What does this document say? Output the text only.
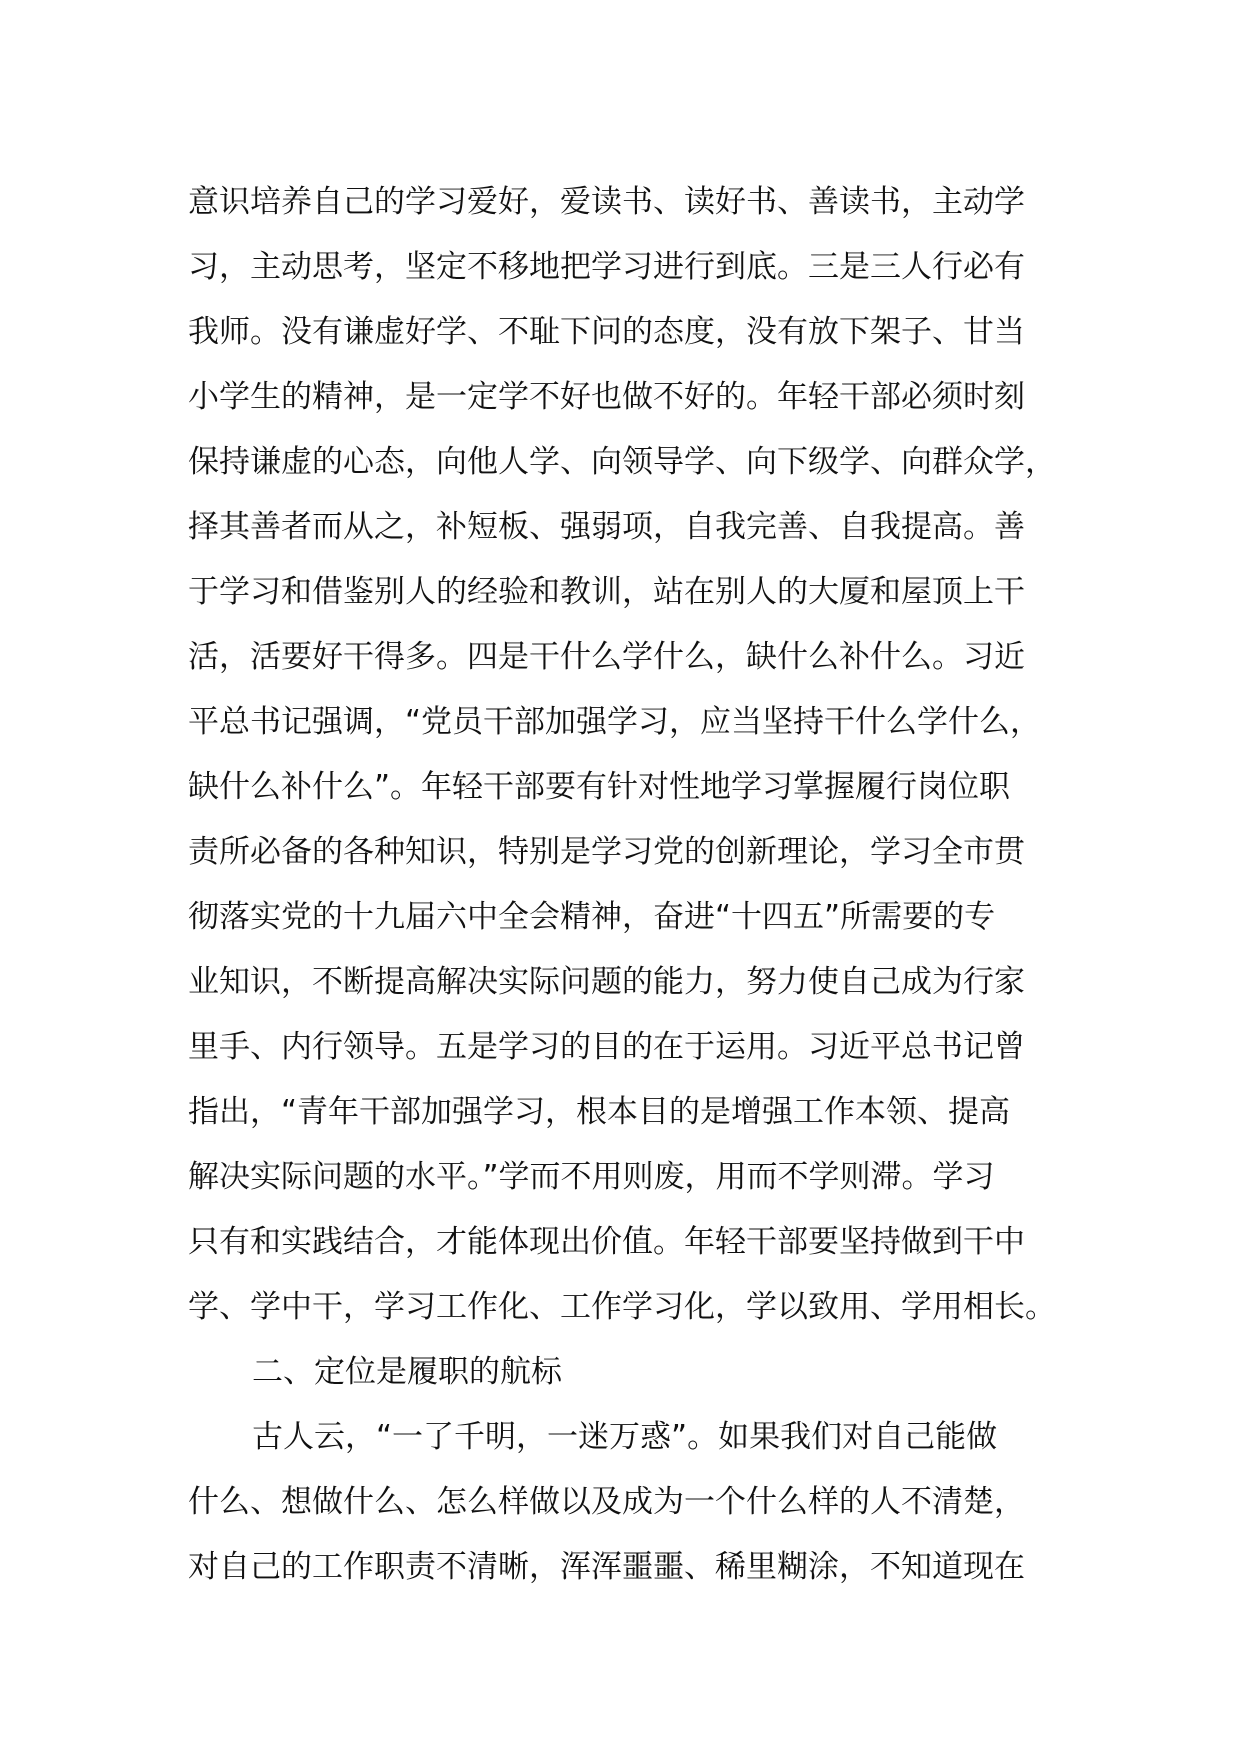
意识培养自己的学习爱好，爱读书、读好书、善读书，主动学
习，主动思考，坚定不移地把学习进行到底。三是三人行必有
我师。没有谦虚好学、不耻下问的态度，没有放下架子、甘当
小学生的精神，是一定学不好也做不好的。年轻干部必须时刻
保持谦虚的心态，向他人学、向领导学、向下级学、向群众学，
择其善者而从之，补短板、强弱项，自我完善、自我提高。善
于学习和借鉴别人的经验和教训，站在别人的大厦和屋顶上干
活，活要好干得多。四是干什么学什么，缺什么补什么。习近
平总书记强调，“党员干部加强学习，应当坚持干什么学什么，
缺什么补什么”。年轻干部要有针对性地学习掌握履行岗位职
责所必备的各种知识，特别是学习党的创新理论，学习全市贯
彻落实党的十九届六中全会精神，奋进“十四五”所需要的专
业知识，不断提高解决实际问题的能力，努力使自己成为行家
里手、内行领导。五是学习的目的在于运用。习近平总书记曾
指出，“青年干部加强学习，根本目的是增强工作本领、提高
解决实际问题的水平。”学而不用则废，用而不学则滞。学习
只有和实践结合，才能体现出价值。年轻干部要坚持做到干中
学、学中干，学习工作化、工作学习化，学以致用、学用相长。
二、定位是履职的航标
古人云，“一了千明，一迷万惑”。如果我们对自己能做
什么、想做什么、怎么样做以及成为一个什么样的人不清楚，
对自己的工作职责不清晰，浑浑噩噩、稀里糊涂，不知道现在
